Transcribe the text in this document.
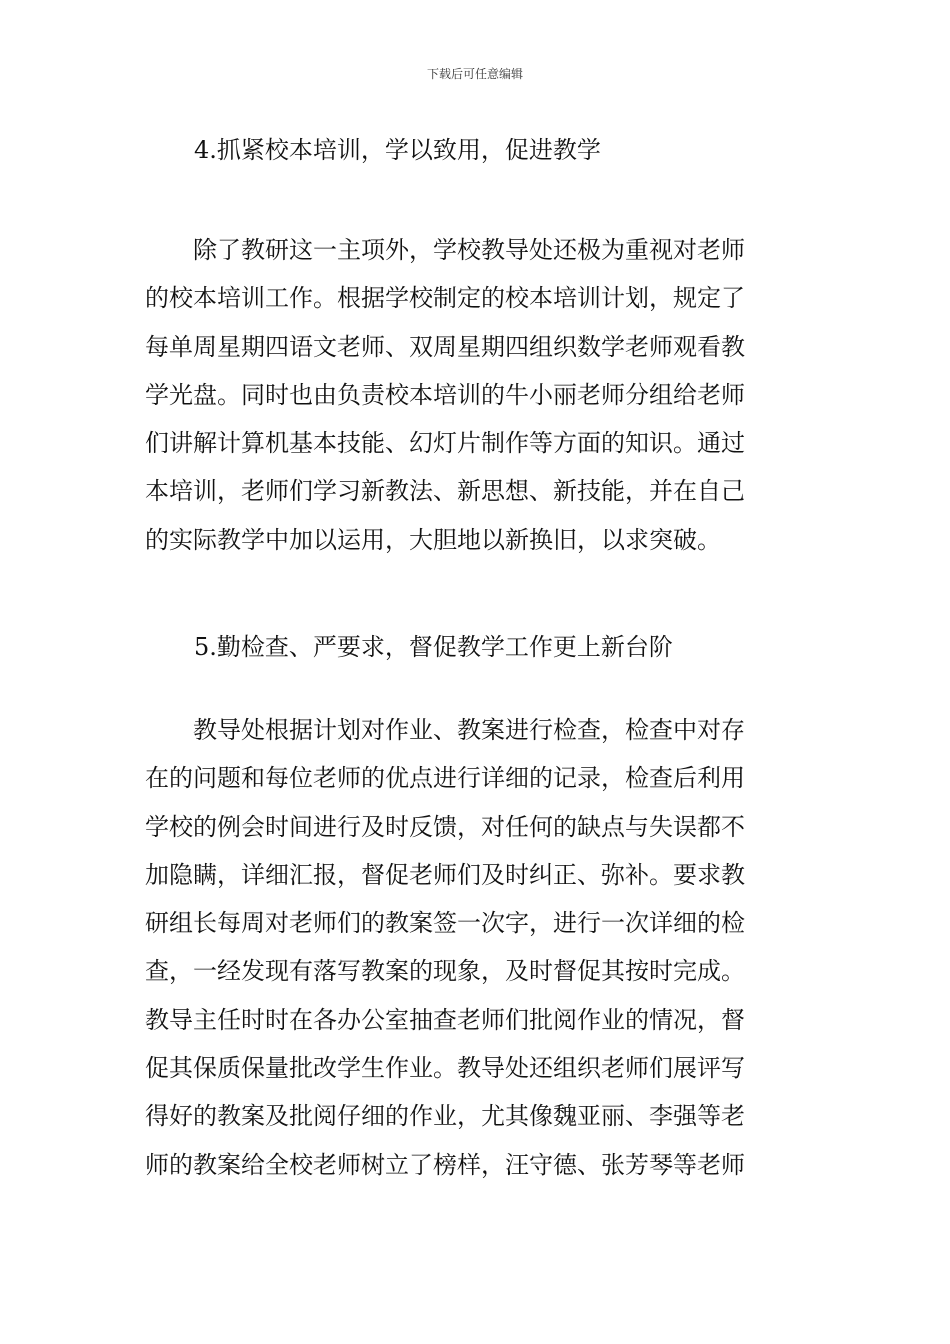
下载后可任意编辑
4.抓紧校本培训，学以致用，促进教学
　　除了教研这一主项外，学校教导处还极为重视对老师
的校本培训工作。根据学校制定的校本培训计划，规定了
每单周星期四语文老师、双周星期四组织数学老师观看教
学光盘。同时也由负责校本培训的牛小丽老师分组给老师
们讲解计算机基本技能、幻灯片制作等方面的知识。通过
本培训，老师们学习新教法、新思想、新技能，并在自己
的实际教学中加以运用，大胆地以新换旧，以求突破。
5.勤检查、严要求，督促教学工作更上新台阶
　　教导处根据计划对作业、教案进行检查，检查中对存
在的问题和每位老师的优点进行详细的记录，检查后利用
学校的例会时间进行及时反馈，对任何的缺点与失误都不
加隐瞒，详细汇报，督促老师们及时纠正、弥补。要求教
研组长每周对老师们的教案签一次字，进行一次详细的检
查，一经发现有落写教案的现象，及时督促其按时完成。
教导主任时时在各办公室抽查老师们批阅作业的情况，督
促其保质保量批改学生作业。教导处还组织老师们展评写
得好的教案及批阅仔细的作业，尤其像魏亚丽、李强等老
师的教案给全校老师树立了榜样，汪守德、张芳琴等老师
